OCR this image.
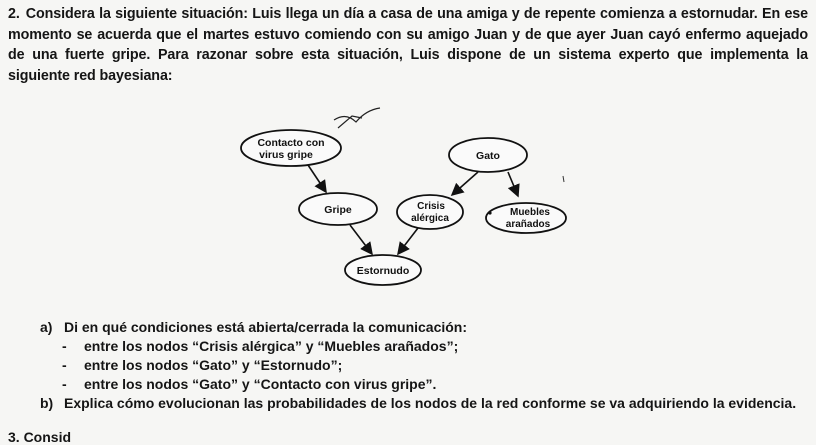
2. Considera la siguiente situación: Luis llega un día a casa de una amiga y de repente comienza a estornudar. En ese momento se acuerda que el martes estuvo comiendo con su amigo Juan y de que ayer Juan cayó enfermo aquejado de una fuerte gripe. Para razonar sobre esta situación, Luis dispone de un sistema experto que implementa la siguiente red bayesiana:
Contacto con
virus gripe	Gato
Gripe	Crisis
alérgica
Muebles
arañados
Estornudo
a) Di en qué condiciones está abierta/cerrada la comunicación:
-	entre los nodos “Crisis alérgica” y “Muebles arañados”;
-	entre los nodos “Gato” y “Estornudo”;
-	entre los nodos “Gato” y “Contacto con virus gripe”.
b) Explica cómo evolucionan las probabilidades de los nodos de la red conforme se va adquiriendo la evidencia.
3. Consid
